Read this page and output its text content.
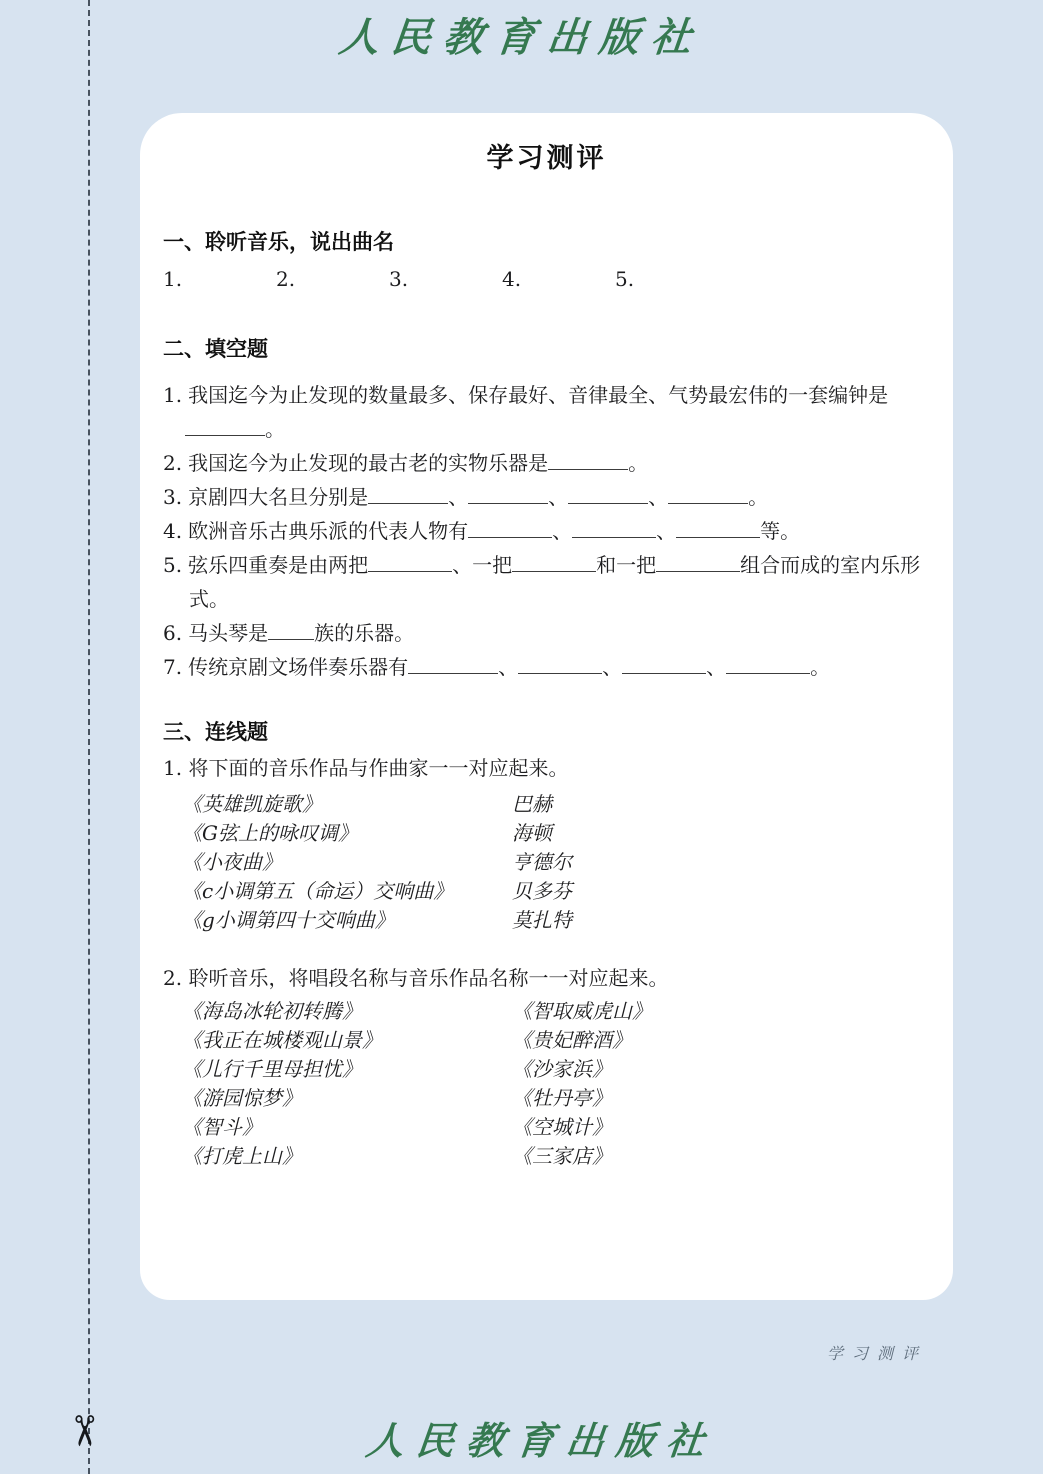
✂
人民教育出版社
学习测评
一、聆听音乐，说出曲名
1.	2.	3.	4.	5.
二、填空题
1. 我国迄今为止发现的数量最多、保存最好、音律最全、气势最宏伟的一套编钟是
。
2. 我国迄今为止发现的最古老的实物乐器是	。
3. 京剧四大名旦分别是	、	、	、	。
4. 欧洲音乐古典乐派的代表人物有	、	、	等。
5. 弦乐四重奏是由两把	、一把	和一把	组合而成的室内乐形式。
6. 马头琴是 族的乐器。
7. 传统京剧文场伴奏乐器有	、	、	、	。
三、连线题
1. 将下面的音乐作品与作曲家一一对应起来。
《英雄凯旋歌》	巴赫
《G弦上的咏叹调》	海顿
《小夜曲》	亨德尔
《c小调第五（命运）交响曲》	贝多芬
《g小调第四十交响曲》	莫扎特
2. 聆听音乐，将唱段名称与音乐作品名称一一对应起来。
《海岛冰轮初转腾》	《智取威虎山》
《我正在城楼观山景》	《贵妃醉酒》
《儿行千里母担忧》	《沙家浜》
《游园惊梦》	《牡丹亭》
《智斗》	《空城计》
《打虎上山》	《三家店》
学习测评
人民教育出版社
